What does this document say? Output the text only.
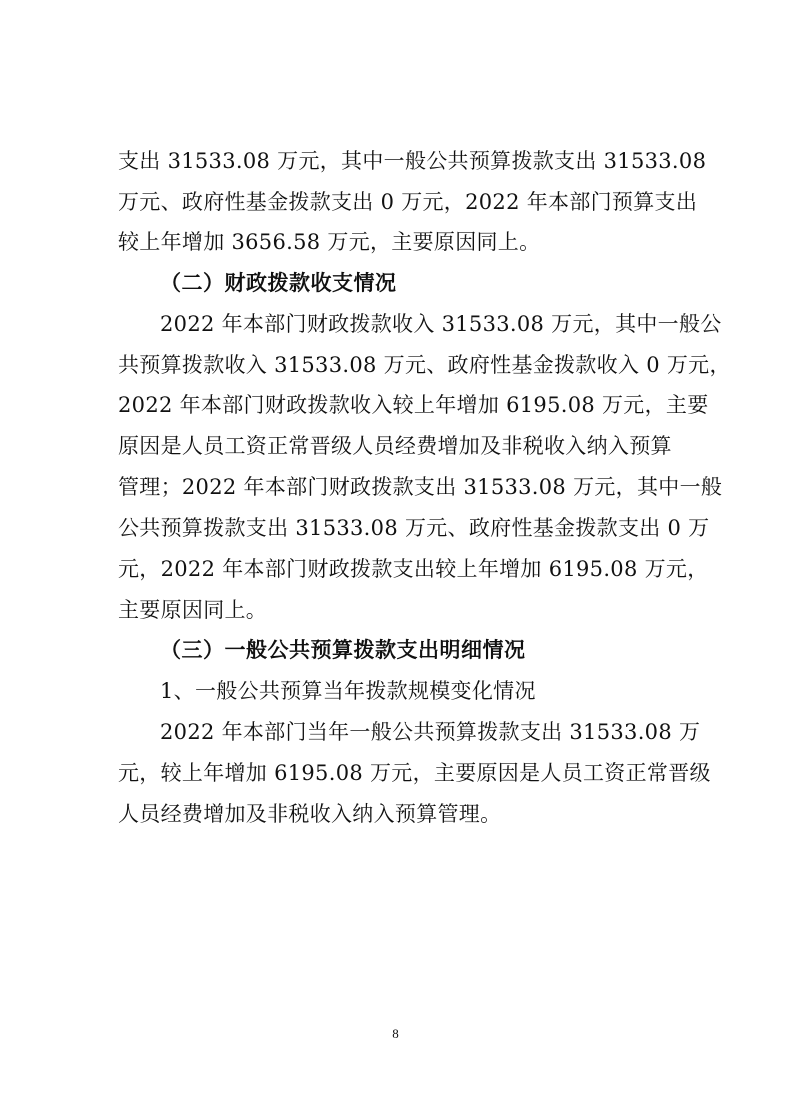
支出 31533.08 万元，其中一般公共预算拨款支出 31533.08
万元、政府性基金拨款支出 0 万元，2022 年本部门预算支出
较上年增加 3656.58 万元，主要原因同上。
（二）财政拨款收支情况
2022 年本部门财政拨款收入 31533.08 万元，其中一般公
共预算拨款收入 31533.08 万元、政府性基金拨款收入 0 万元，
2022 年本部门财政拨款收入较上年增加 6195.08 万元，主要
原因是人员工资正常晋级人员经费增加及非税收入纳入预算
管理；2022 年本部门财政拨款支出 31533.08 万元，其中一般
公共预算拨款支出 31533.08 万元、政府性基金拨款支出 0 万
元，2022 年本部门财政拨款支出较上年增加 6195.08 万元，
主要原因同上。
（三）一般公共预算拨款支出明细情况
1、一般公共预算当年拨款规模变化情况
2022 年本部门当年一般公共预算拨款支出 31533.08 万
元，较上年增加 6195.08 万元，主要原因是人员工资正常晋级
人员经费增加及非税收入纳入预算管理。
8
